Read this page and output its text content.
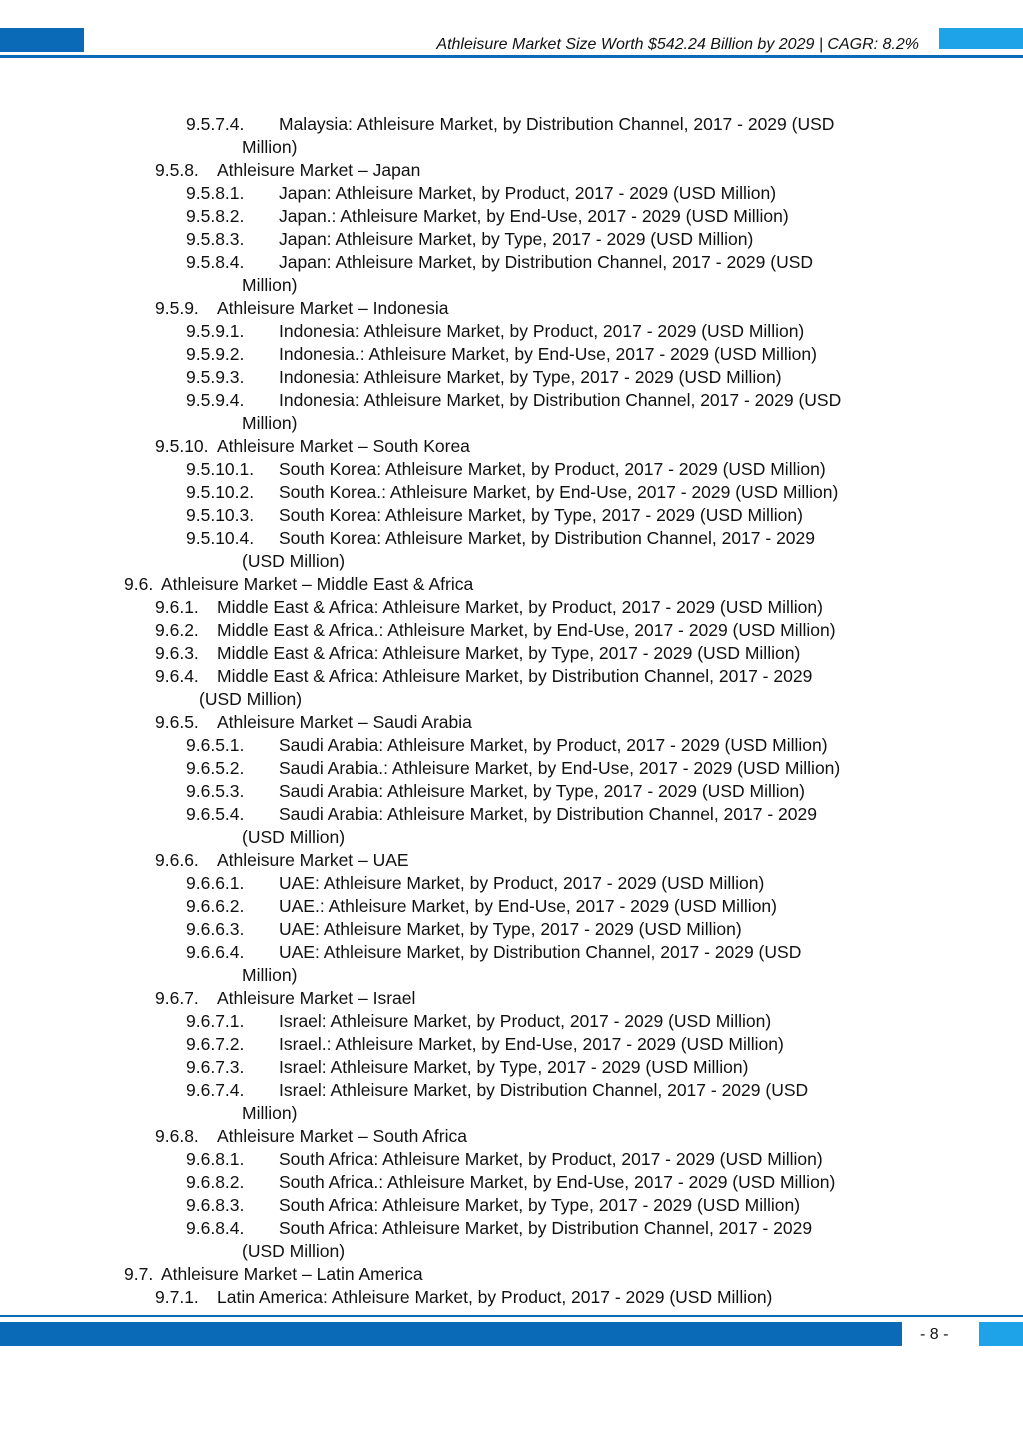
Athleisure Market Size Worth $542.24 Billion by 2029 | CAGR: 8.2%
9.5.7.4. Malaysia: Athleisure Market, by Distribution Channel, 2017 - 2029 (USD
Million)
9.5.8. Athleisure Market – Japan
9.5.8.1. Japan: Athleisure Market, by Product, 2017 - 2029 (USD Million)
9.5.8.2. Japan.: Athleisure Market, by End-Use, 2017 - 2029 (USD Million)
9.5.8.3. Japan: Athleisure Market, by Type, 2017 - 2029 (USD Million)
9.5.8.4. Japan: Athleisure Market, by Distribution Channel, 2017 - 2029 (USD
Million)
9.5.9. Athleisure Market – Indonesia
9.5.9.1. Indonesia: Athleisure Market, by Product, 2017 - 2029 (USD Million)
9.5.9.2. Indonesia.: Athleisure Market, by End-Use, 2017 - 2029 (USD Million)
9.5.9.3. Indonesia: Athleisure Market, by Type, 2017 - 2029 (USD Million)
9.5.9.4. Indonesia: Athleisure Market, by Distribution Channel, 2017 - 2029 (USD
Million)
9.5.10. Athleisure Market – South Korea
9.5.10.1. South Korea: Athleisure Market, by Product, 2017 - 2029 (USD Million)
9.5.10.2. South Korea.: Athleisure Market, by End-Use, 2017 - 2029 (USD Million)
9.5.10.3. South Korea: Athleisure Market, by Type, 2017 - 2029 (USD Million)
9.5.10.4. South Korea: Athleisure Market, by Distribution Channel, 2017 - 2029
(USD Million)
9.6. Athleisure Market – Middle East & Africa
9.6.1. Middle East & Africa: Athleisure Market, by Product, 2017 - 2029 (USD Million)
9.6.2. Middle East & Africa.: Athleisure Market, by End-Use, 2017 - 2029 (USD Million)
9.6.3. Middle East & Africa: Athleisure Market, by Type, 2017 - 2029 (USD Million)
9.6.4. Middle East & Africa: Athleisure Market, by Distribution Channel, 2017 - 2029
(USD Million)
9.6.5. Athleisure Market – Saudi Arabia
9.6.5.1. Saudi Arabia: Athleisure Market, by Product, 2017 - 2029 (USD Million)
9.6.5.2. Saudi Arabia.: Athleisure Market, by End-Use, 2017 - 2029 (USD Million)
9.6.5.3. Saudi Arabia: Athleisure Market, by Type, 2017 - 2029 (USD Million)
9.6.5.4. Saudi Arabia: Athleisure Market, by Distribution Channel, 2017 - 2029
(USD Million)
9.6.6. Athleisure Market – UAE
9.6.6.1. UAE: Athleisure Market, by Product, 2017 - 2029 (USD Million)
9.6.6.2. UAE.: Athleisure Market, by End-Use, 2017 - 2029 (USD Million)
9.6.6.3. UAE: Athleisure Market, by Type, 2017 - 2029 (USD Million)
9.6.6.4. UAE: Athleisure Market, by Distribution Channel, 2017 - 2029 (USD
Million)
9.6.7. Athleisure Market – Israel
9.6.7.1. Israel: Athleisure Market, by Product, 2017 - 2029 (USD Million)
9.6.7.2. Israel.: Athleisure Market, by End-Use, 2017 - 2029 (USD Million)
9.6.7.3. Israel: Athleisure Market, by Type, 2017 - 2029 (USD Million)
9.6.7.4. Israel: Athleisure Market, by Distribution Channel, 2017 - 2029 (USD
Million)
9.6.8. Athleisure Market – South Africa
9.6.8.1. South Africa: Athleisure Market, by Product, 2017 - 2029 (USD Million)
9.6.8.2. South Africa.: Athleisure Market, by End-Use, 2017 - 2029 (USD Million)
9.6.8.3. South Africa: Athleisure Market, by Type, 2017 - 2029 (USD Million)
9.6.8.4. South Africa: Athleisure Market, by Distribution Channel, 2017 - 2029
(USD Million)
9.7. Athleisure Market – Latin America
9.7.1. Latin America: Athleisure Market, by Product, 2017 - 2029 (USD Million)
- 8 -
